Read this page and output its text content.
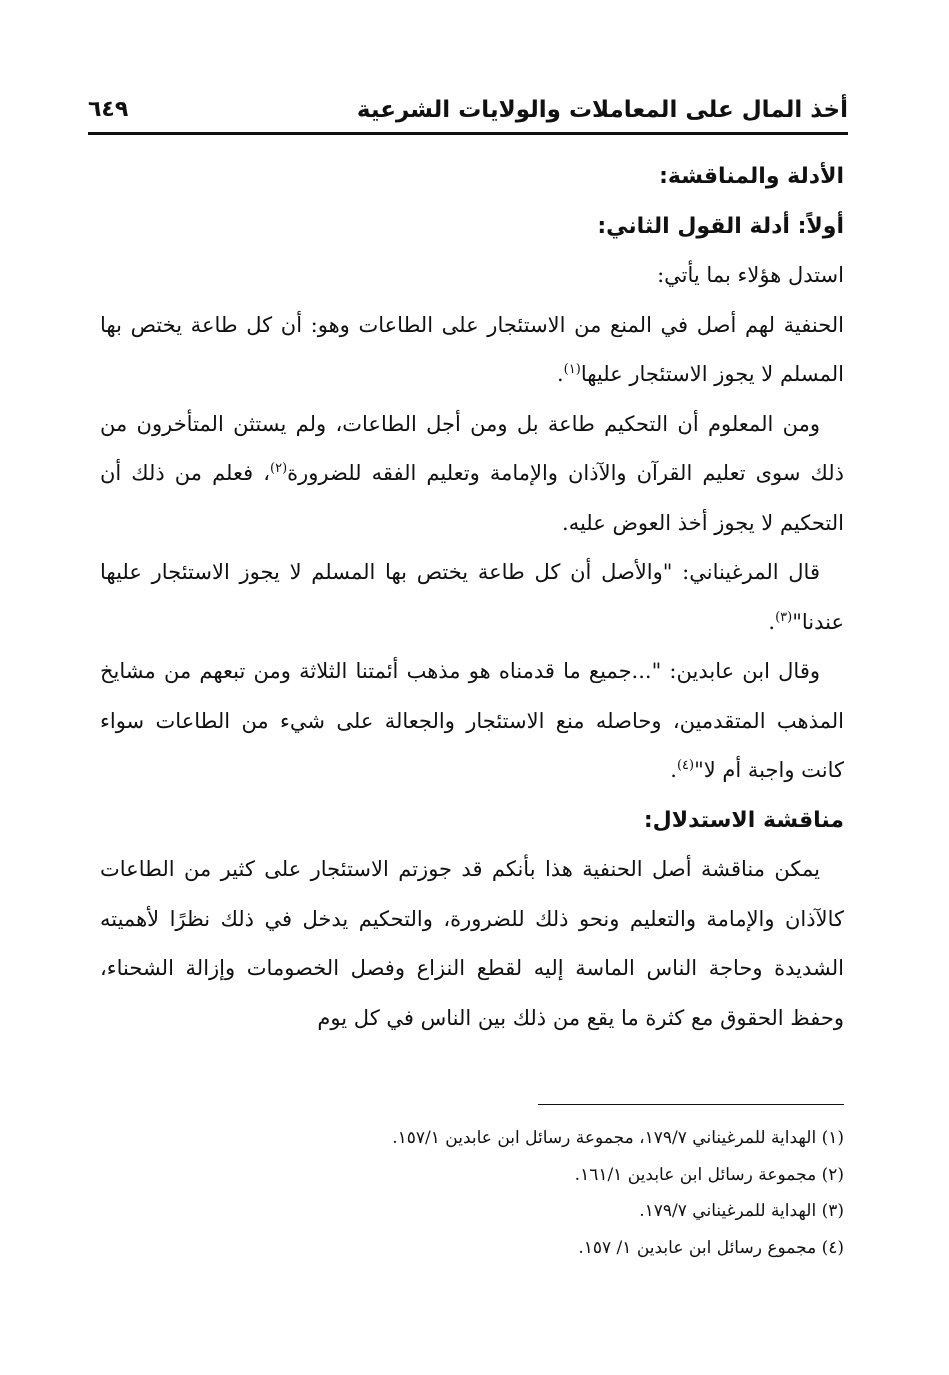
أخذ المال على المعاملات والولايات الشرعية
٦٤٩

الأدلة والمناقشة:

أولاً: أدلة القول الثاني:

استدل هؤلاء بما يأتي:

الحنفية لهم أصل في المنع من الاستئجار على الطاعات وهو: أن كل طاعة يختص بها المسلم لا يجوز الاستئجار عليها$^{(١)}$.

ومن المعلوم أن التحكيم طاعة بل ومن أجل الطاعات، ولم يستثن المتأخرون من ذلك سوى تعليم القرآن والآذان والإمامة وتعليم الفقه للضرورة$^{(٢)}$، فعلم من ذلك أن التحكيم لا يجوز أخذ العوض عليه.

قال المرغيناني: "والأصل أن كل طاعة يختص بها المسلم لا يجوز الاستئجار عليها عندنا"$^{(٣)}$.

وقال ابن عابدين: "...جميع ما قدمناه هو مذهب أئمتنا الثلاثة ومن تبعهم من مشايخ المذهب المتقدمين، وحاصله منع الاستئجار والجعالة على شيء من الطاعات سواء كانت واجبة أم لا"$^{(٤)}$.

مناقشة الاستدلال:

يمكن مناقشة أصل الحنفية هذا بأنكم قد جوزتم الاستئجار على كثير من الطاعات كالآذان والإمامة والتعليم ونحو ذلك للضرورة، والتحكيم يدخل في ذلك نظرًا لأهميته الشديدة وحاجة الناس الماسة إليه لقطع النزاع وفصل الخصومات وإزالة الشحناء، وحفظ الحقوق مع كثرة ما يقع من ذلك بين الناس في كل يوم

(١) الهداية للمرغيناني ١٧٩/٧، مجموعة رسائل ابن عابدين ١٥٧/١.

(٢) مجموعة رسائل ابن عابدين ١٦١/١.

(٣) الهداية للمرغيناني ١٧٩/٧.

(٤) مجموع رسائل ابن عابدين ١/ ١٥٧.
